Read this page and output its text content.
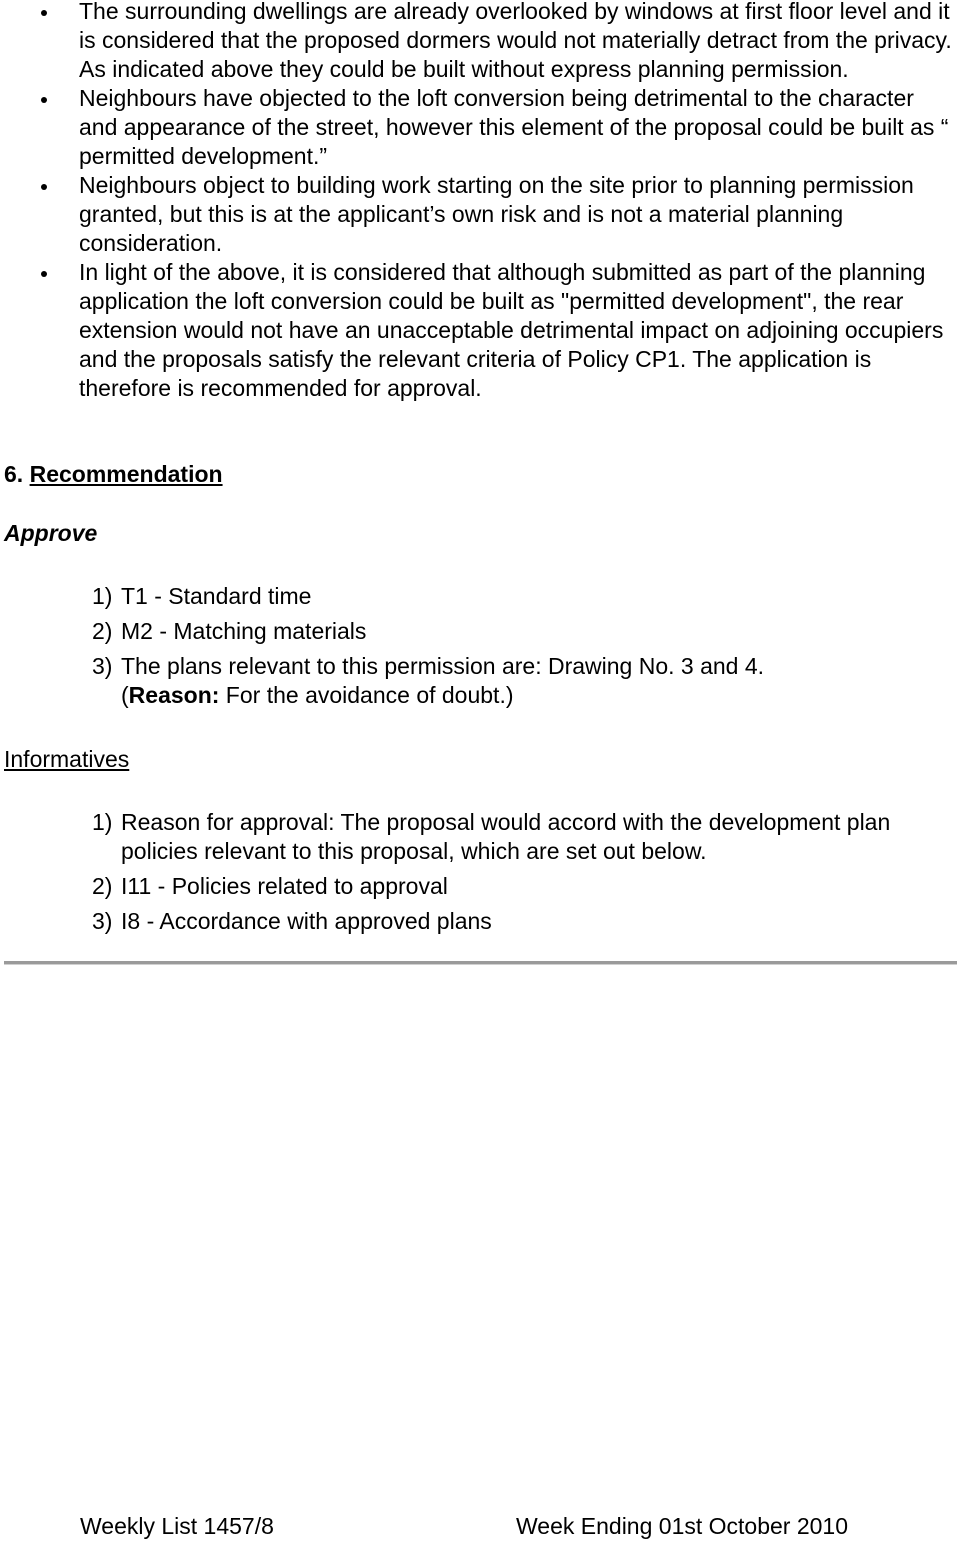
The surrounding dwellings are already overlooked by windows at first floor level and it is considered that the proposed dormers would not materially detract from the privacy. As indicated above they could be built without express planning permission.
Neighbours have objected to the loft conversion being detrimental to the character and appearance of the street, however this element of the proposal could be built as “ permitted development.”
Neighbours object to building work starting on the site prior to planning permission granted, but this is at the applicant’s own risk and is not a material planning consideration.
In light of the above, it is considered that although submitted as part of the planning application the loft conversion could be built as "permitted development", the rear extension would not have an unacceptable detrimental impact on adjoining occupiers and the proposals satisfy the relevant criteria of Policy CP1. The application is therefore is recommended for approval.
6. Recommendation
Approve
1) T1 - Standard time
2) M2 - Matching materials
3) The plans relevant to this permission are: Drawing No. 3 and 4.
(Reason: For the avoidance of doubt.)
Informatives
1) Reason for approval: The proposal would accord with the development plan policies relevant to this proposal, which are set out below.
2) I11 - Policies related to approval
3) I8 - Accordance with approved plans
Weekly List 1457/8	Week Ending 01st October 2010
